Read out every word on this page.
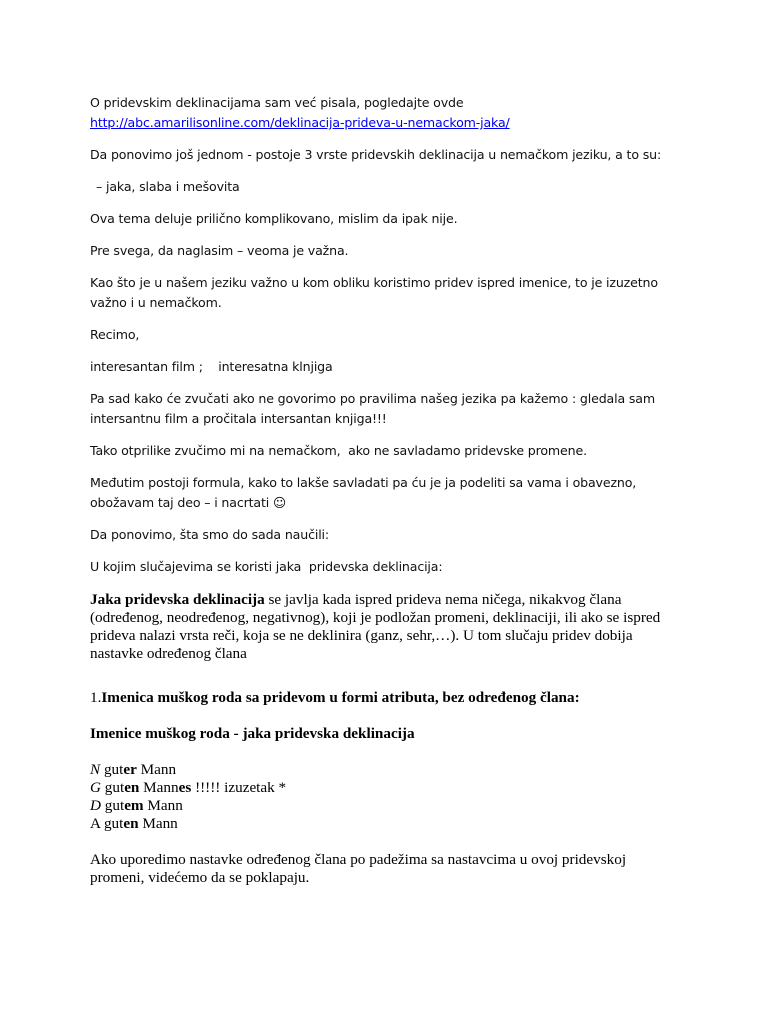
O pridevskim deklinacijama sam već pisala, pogledajte ovde http://abc.amarilisonline.com/deklinacija-prideva-u-nemackom-jaka/

Da ponovimo još jednom - postoje 3 vrste pridevskih deklinacija u nemačkom jeziku, a to su:

– jaka, slaba i mešovita

Ova tema deluje prilično komplikovano, mislim da ipak nije.

Pre svega, da naglasim – veoma je važna.

Kao što je u našem jeziku važno u kom obliku koristimo pridev ispred imenice, to je izuzetno važno i u nemačkom.

Recimo,

interesantan film ;    interesatna klnjiga

Pa sad kako će zvučati ako ne govorimo po pravilima našeg jezika pa kažemo : gledala sam intersantnu film a pročitala intersantan knjiga!!!

Tako otprilike zvučimo mi na nemačkom,  ako ne savladamo pridevske promene.

Međutim postoji formula, kako to lakše savladati pa ću je ja podeliti sa vama i obavezno, obožavam taj deo – i nacrtati ☺

Da ponovimo, šta smo do sada naučili:

U kojim slučajevima se koristi jaka  pridevska deklinacija:

Jaka pridevska deklinacija se javlja kada ispred prideva nema ničega, nikakvog člana (određenog, neodređenog, negativnog), koji je podložan promeni, deklinaciji, ili ako se ispred prideva nalazi vrsta reči, koja se ne deklinira (ganz, sehr,…). U tom slučaju pridev dobija nastavke određenog člana

1.Imenica muškog roda sa pridevom u formi atributa, bez određenog člana:

Imenice muškog roda - jaka pridevska deklinacija

N guter Mann

G guten Mannes !!!!! izuzetak *

D gutem Mann

A guten Mann

Ako uporedimo nastavke određenog člana po padežima sa nastavcima u ovoj pridevskoj promeni, videćemo da se poklapaju.
